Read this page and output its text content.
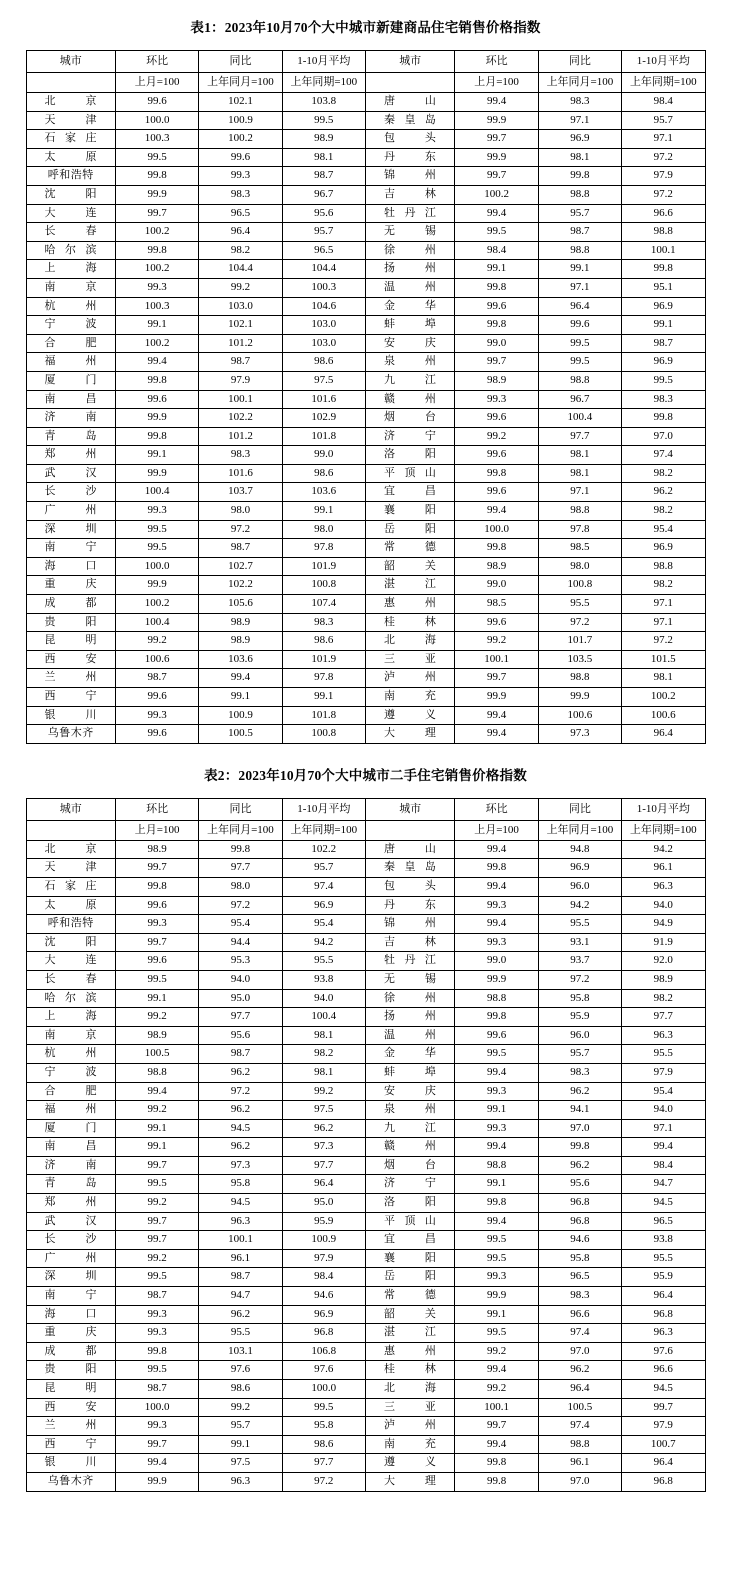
表1：2023年10月70个大中城市新建商品住宅销售价格指数
城市	环比	同比	1-10月平均	城市	环比	同比	1-10月平均
	上月=100	上年同月=100	上年同期=100		上月=100	上年同月=100	上年同期=100

北 京	99.6	102.1	103.8	唐 山	99.4	98.3	98.4

天 津	100.0	100.9	99.5	秦 皇 岛	99.9	97.1	95.7

石 家 庄	100.3	100.2	98.9	包 头	99.7	96.9	97.1

太 原	99.5	99.6	98.1	丹 东	99.9	98.1	97.2
呼和浩特	99.8	99.3	98.7	锦 州	99.7	99.8	97.9

沈 阳	99.9	98.3	96.7	吉 林	100.2	98.8	97.2

大 连	99.7	96.5	95.6	牡 丹 江	99.4	95.7	96.6

长 春	100.2	96.4	95.7	无 锡	99.5	98.7	98.8

哈 尔 滨	99.8	98.2	96.5	徐 州	98.4	98.8	100.1

上 海	100.2	104.4	104.4	扬 州	99.1	99.1	99.8

南 京	99.3	99.2	100.3	温 州	99.8	97.1	95.1

杭 州	100.3	103.0	104.6	金 华	99.6	96.4	96.9

宁 波	99.1	102.1	103.0	蚌 埠	99.8	99.6	99.1

合 肥	100.2	101.2	103.0	安 庆	99.0	99.5	98.7

福 州	99.4	98.7	98.6	泉 州	99.7	99.5	96.9

厦 门	99.8	97.9	97.5	九 江	98.9	98.8	99.5

南 昌	99.6	100.1	101.6	赣 州	99.3	96.7	98.3

济 南	99.9	102.2	102.9	烟 台	99.6	100.4	99.8

青 岛	99.8	101.2	101.8	济 宁	99.2	97.7	97.0

郑 州	99.1	98.3	99.0	洛 阳	99.6	98.1	97.4

武 汉	99.9	101.6	98.6	平 顶 山	99.8	98.1	98.2

长 沙	100.4	103.7	103.6	宜 昌	99.6	97.1	96.2

广 州	99.3	98.0	99.1	襄 阳	99.4	98.8	98.2

深 圳	99.5	97.2	98.0	岳 阳	100.0	97.8	95.4

南 宁	99.5	98.7	97.8	常 德	99.8	98.5	96.9

海 口	100.0	102.7	101.9	韶 关	98.9	98.0	98.8

重 庆	99.9	102.2	100.8	湛 江	99.0	100.8	98.2

成 都	100.2	105.6	107.4	惠 州	98.5	95.5	97.1

贵 阳	100.4	98.9	98.3	桂 林	99.6	97.2	97.1

昆 明	99.2	98.9	98.6	北 海	99.2	101.7	97.2

西 安	100.6	103.6	101.9	三 亚	100.1	103.5	101.5

兰 州	98.7	99.4	97.8	泸 州	99.7	98.8	98.1

西 宁	99.6	99.1	99.1	南 充	99.9	99.9	100.2

银 川	99.3	100.9	101.8	遵 义	99.4	100.6	100.6
乌鲁木齐	99.6	100.5	100.8	大 理	99.4	97.3	96.4
表2：2023年10月70个大中城市二手住宅销售价格指数
城市	环比	同比	1-10月平均	城市	环比	同比	1-10月平均
	上月=100	上年同月=100	上年同期=100		上月=100	上年同月=100	上年同期=100

北 京	98.9	99.8	102.2	唐 山	99.4	94.8	94.2

天 津	99.7	97.7	95.7	秦 皇 岛	99.8	96.9	96.1

石 家 庄	99.8	98.0	97.4	包 头	99.4	96.0	96.3

太 原	99.6	97.2	96.9	丹 东	99.3	94.2	94.0
呼和浩特	99.3	95.4	95.4	锦 州	99.4	95.5	94.9

沈 阳	99.7	94.4	94.2	吉 林	99.3	93.1	91.9

大 连	99.6	95.3	95.5	牡 丹 江	99.0	93.7	92.0

长 春	99.5	94.0	93.8	无 锡	99.9	97.2	98.9

哈 尔 滨	99.1	95.0	94.0	徐 州	98.8	95.8	98.2

上 海	99.2	97.7	100.4	扬 州	99.8	95.9	97.7

南 京	98.9	95.6	98.1	温 州	99.6	96.0	96.3

杭 州	100.5	98.7	98.2	金 华	99.5	95.7	95.5

宁 波	98.8	96.2	98.1	蚌 埠	99.4	98.3	97.9

合 肥	99.4	97.2	99.2	安 庆	99.3	96.2	95.4

福 州	99.2	96.2	97.5	泉 州	99.1	94.1	94.0

厦 门	99.1	94.5	96.2	九 江	99.3	97.0	97.1

南 昌	99.1	96.2	97.3	赣 州	99.4	99.8	99.4

济 南	99.7	97.3	97.7	烟 台	98.8	96.2	98.4

青 岛	99.5	95.8	96.4	济 宁	99.1	95.6	94.7

郑 州	99.2	94.5	95.0	洛 阳	99.8	96.8	94.5

武 汉	99.7	96.3	95.9	平 顶 山	99.4	96.8	96.5

长 沙	99.7	100.1	100.9	宜 昌	99.5	94.6	93.8

广 州	99.2	96.1	97.9	襄 阳	99.5	95.8	95.5

深 圳	99.5	98.7	98.4	岳 阳	99.3	96.5	95.9

南 宁	98.7	94.7	94.6	常 德	99.9	98.3	96.4

海 口	99.3	96.2	96.9	韶 关	99.1	96.6	96.8

重 庆	99.3	95.5	96.8	湛 江	99.5	97.4	96.3

成 都	99.8	103.1	106.8	惠 州	99.2	97.0	97.6

贵 阳	99.5	97.6	97.6	桂 林	99.4	96.2	96.6

昆 明	98.7	98.6	100.0	北 海	99.2	96.4	94.5

西 安	100.0	99.2	99.5	三 亚	100.1	100.5	99.7

兰 州	99.3	95.7	95.8	泸 州	99.7	97.4	97.9

西 宁	99.7	99.1	98.6	南 充	99.4	98.8	100.7

银 川	99.4	97.5	97.7	遵 义	99.8	96.1	96.4
乌鲁木齐	99.9	96.3	97.2	大 理	99.8	97.0	96.8
